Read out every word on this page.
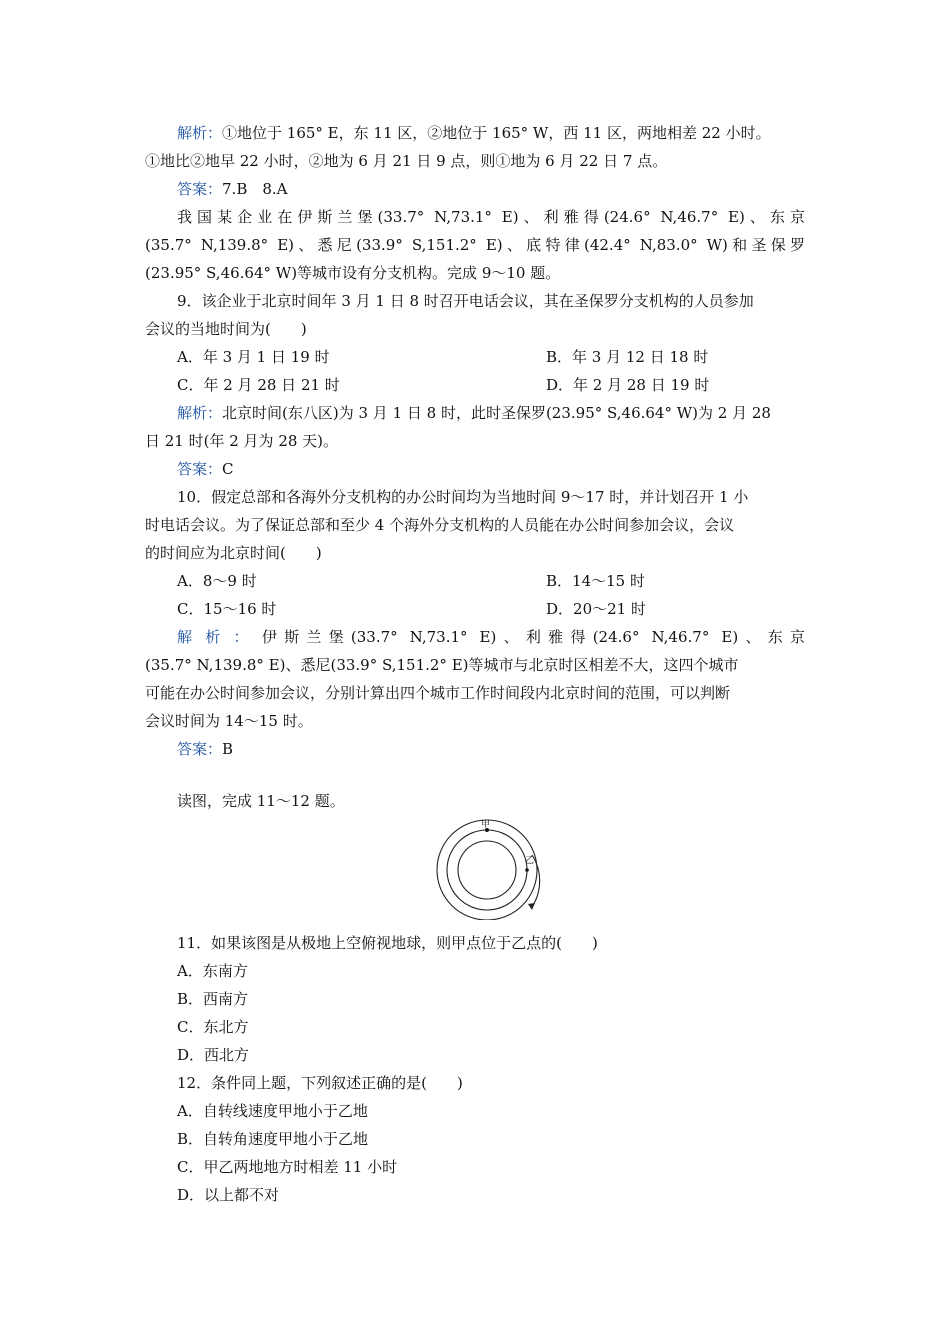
解析：①地位于 165° E，东 11 区，②地位于 165° W，西 11 区，两地相差 22 小时。
①地比②地早 22 小时，②地为 6 月 21 日 9 点，则①地为 6 月 22 日 7 点。
答案：7.B　8.A
我国某企业在伊斯兰堡(33.7° N,73.1° E)、利雅得(24.6° N,46.7° E)、东京
(35.7° N,139.8° E)、悉尼(33.9° S,151.2° E)、底特律(42.4° N,83.0° W)和圣保罗
(23.95° S,46.64° W)等城市设有分支机构。完成 9～10 题。
9．该企业于北京时间年 3 月 1 日 8 时召开电话会议，其在圣保罗分支机构的人员参加
会议的当地时间为(　　)
A．年 3 月 1 日 19 时	B．年 3 月 12 日 18 时
C．年 2 月 28 日 21 时	D．年 2 月 28 日 19 时
解析：北京时间(东八区)为 3 月 1 日 8 时，此时圣保罗(23.95° S,46.64° W)为 2 月 28
日 21 时(年 2 月为 28 天)。
答案：C
10．假定总部和各海外分支机构的办公时间均为当地时间 9～17 时，并计划召开 1 小
时电话会议。为了保证总部和至少 4 个海外分支机构的人员能在办公时间参加会议，会议
的时间应为北京时间(　　)
A．8～9 时	B．14～15 时
C．15～16 时	D．20～21 时
解析：伊斯兰堡(33.7° N,73.1° E)、利雅得(24.6° N,46.7° E)、东京
(35.7° N,139.8° E)、悉尼(33.9° S,151.2° E)等城市与北京时区相差不大，这四个城市
可能在办公时间参加会议，分别计算出四个城市工作时间段内北京时间的范围，可以判断
会议时间为 14～15 时。
答案：B
读图，完成 11～12 题。
甲
乙
11．如果该图是从极地上空俯视地球，则甲点位于乙点的(　　)
A．东南方
B．西南方
C．东北方
D．西北方
12．条件同上题，下列叙述正确的是(　　)
A．自转线速度甲地小于乙地
B．自转角速度甲地小于乙地
C．甲乙两地地方时相差 11 小时
D．以上都不对
